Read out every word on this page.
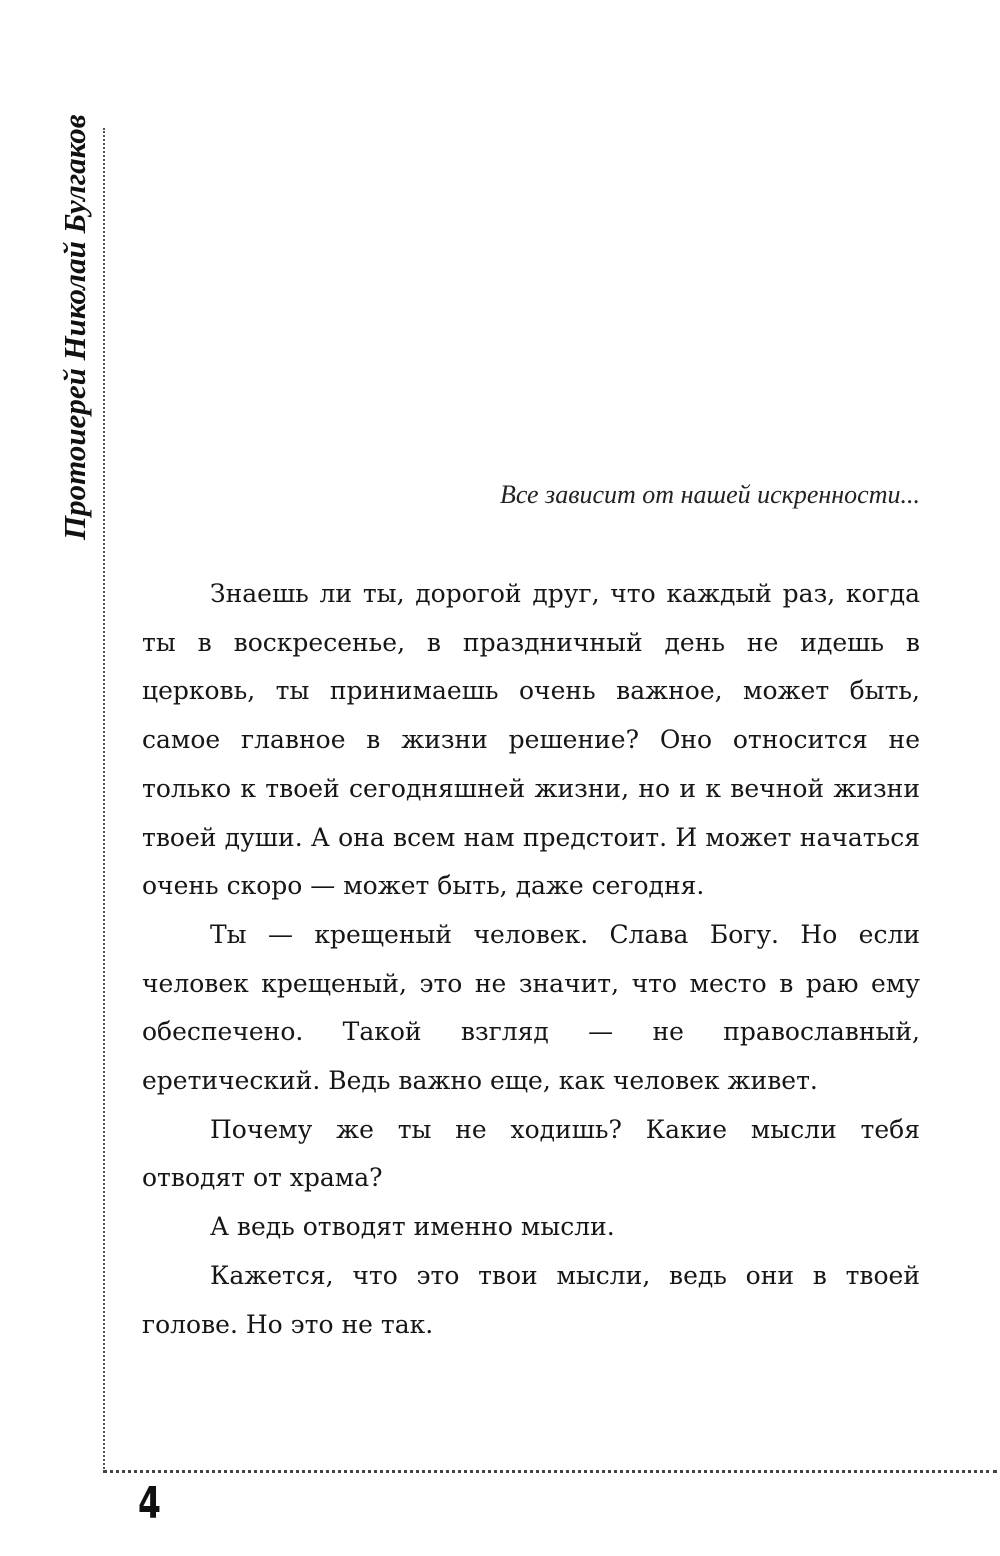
Протоиерей Николай Булгаков	Все зависит от нашей искренности...

Знаешь ли ты, дорогой друг, что каждый раз, когда ты в воскресенье, в праздничный день не идешь в церковь, ты принимаешь очень важное, может быть, самое главное в жизни решение? Оно относится не только к твоей сегодняшней жизни, но и к вечной жизни твоей души. А она всем нам предстоит. И может начаться очень скоро — может быть, даже сегодня.

Ты — крещеный человек. Слава Богу. Но если человек крещеный, это не значит, что место в раю ему обеспечено. Такой взгляд — не православный, еретический. Ведь важно еще, как человек живет.

Почему же ты не ходишь? Какие мысли тебя отводят от храма?

А ведь отводят именно мысли.

Кажется, что это твои мысли, ведь они в твоей голове. Но это не так.

4
